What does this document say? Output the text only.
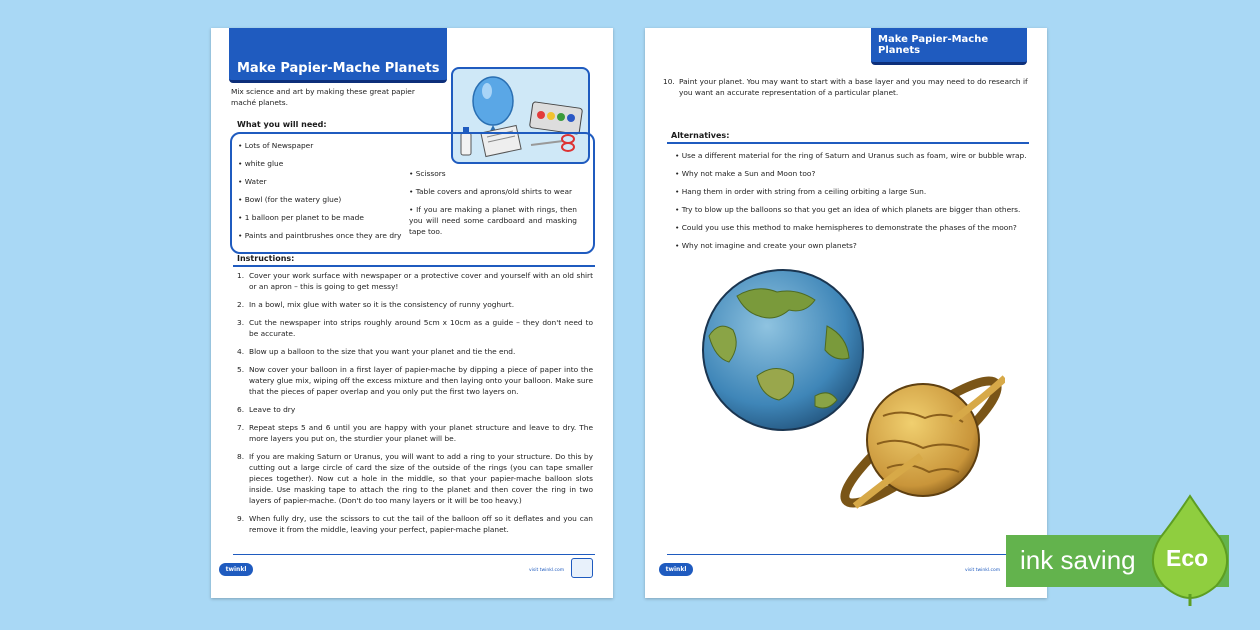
Make Papier-Mache Planets
Mix science and art by making these great papier
maché planets.
What you will need:
• Lots of Newspaper
• white glue
• Water
• Bowl (for the watery glue)
• 1 balloon per planet to be made
• Paints and paintbrushes once they are dry
• Scissors
• Table covers and aprons/old shirts to wear
• If you are making a planet with rings, then you will need some cardboard and masking tape too.
Instructions:
1. Cover your work surface with newspaper or a protective cover and yourself with an old shirt or an apron – this is going to get messy!
2. In a bowl, mix glue with water so it is the consistency of runny yoghurt.
3. Cut the newspaper into strips roughly around 5cm x 10cm as a guide – they don't need to be accurate.
4. Blow up a balloon to the size that you want your planet and tie the end.
5. Now cover your balloon in a first layer of papier-mache by dipping a piece of paper into the watery glue mix, wiping off the excess mixture and then laying onto your balloon. Make sure that the pieces of paper overlap and you only put the first two layers on.
6. Leave to dry
7. Repeat steps 5 and 6 until you are happy with your planet structure and leave to dry. The more layers you put on, the sturdier your planet will be.
8. If you are making Saturn or Uranus, you will want to add a ring to your structure. Do this by cutting out a large circle of card the size of the outside of the rings (you can tape smaller pieces together). Now cut a hole in the middle, so that your papier-mache balloon slots inside. Use masking tape to attach the ring to the planet and then cover the ring in two layers of papier-mache. (Don't do too many layers or it will be too heavy.)
9. When fully dry, use the scissors to cut the tail of the balloon off so it deflates and you can remove it from the middle, leaving your perfect, papier-mache planet.
twinkl	visit twinkl.com
Make Papier-Mache Planets
10. Paint your planet. You may want to start with a base layer and you may need to do research if you want an accurate representation of a particular planet.
Alternatives:
• Use a different material for the ring of Saturn and Uranus such as foam, wire or bubble wrap.
• Why not make a Sun and Moon too?
• Hang them in order with string from a ceiling orbiting a large Sun.
• Try to blow up the balloons so that you get an idea of which planets are bigger than others.
• Could you use this method to make hemispheres to demonstrate the phases of the moon?
• Why not imagine and create your own planets?
twinkl	visit twinkl.com ink saving Eco
